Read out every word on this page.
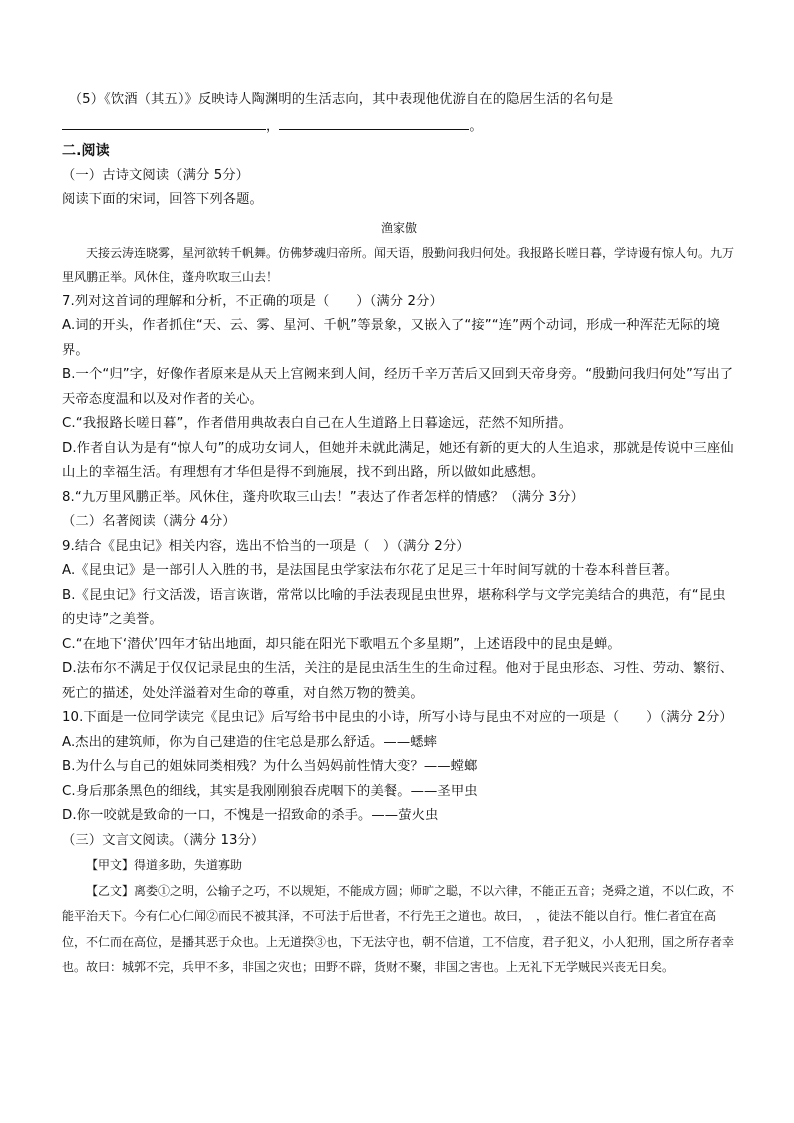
 （5）《饮酒（其五）》反映诗人陶渊明的生活志向，其中表现他优游自在的隐居生活的名句是
，	。
二.阅读
（一）古诗文阅读（满分 5分）
阅读下面的宋词，回答下列各题。
渔家傲
天接云涛连晓雾，星河欲转千帆舞。仿佛梦魂归帝所。闻天语，殷勤问我归何处。我报路长嗟日暮，学诗谩有惊人句。九万里风鹏正举。风休住，蓬舟吹取三山去！
7.列对这首词的理解和分析，不正确的项是（　　）（满分 2分）
A.词的开头，作者抓住“天、云、雾、星河、千帆”等景象，又嵌入了“接”“连”两个动词，形成一种浑茫无际的境界。
B.一个“归”字，好像作者原来是从天上宫阙来到人间，经历千辛万苦后又回到天帝身旁。“殷勤问我归何处”写出了天帝态度温和以及对作者的关心。
C.“我报路长嗟日暮”，作者借用典故表白自己在人生道路上日暮途远，茫然不知所措。
D.作者自认为是有“惊人句”的成功女词人，但她并未就此满足，她还有新的更大的人生追求，那就是传说中三座仙山上的幸福生活。有理想有才华但是得不到施展，找不到出路，所以做如此感想。
8.“九万里风鹏正举。风休住，蓬舟吹取三山去！”表达了作者怎样的情感？（满分 3分）
（二）名著阅读（满分 4分）
9.结合《昆虫记》相关内容，选出不恰当的一项是（　）（满分 2分）
A.《昆虫记》是一部引人入胜的书，是法国昆虫学家法布尔花了足足三十年时间写就的十卷本科普巨著。
B.《昆虫记》行文活泼，语言诙谐，常常以比喻的手法表现昆虫世界，堪称科学与文学完美结合的典范，有“昆虫的史诗”之美誉。
C.“在地下‘潜伏’四年才钻出地面，却只能在阳光下歌唱五个多星期”，上述语段中的昆虫是蝉。
D.法布尔不满足于仅仅记录昆虫的生活，关注的是昆虫活生生的生命过程。他对于昆虫形态、习性、劳动、繁衍、死亡的描述，处处洋溢着对生命的尊重，对自然万物的赞美。
10.下面是一位同学读完《昆虫记》后写给书中昆虫的小诗，所写小诗与昆虫不对应的一项是（　　）（满分 2分）
A.杰出的建筑师，你为自己建造的住宅总是那么舒适。——蟋蟀
B.为什么与自己的姐妹同类相残？为什么当妈妈前性情大变？——螳螂
C.身后那条黑色的细线，其实是我刚刚狼吞虎咽下的美餐。——圣甲虫
D.你一咬就是致命的一口，不愧是一招致命的杀手。——萤火虫
（三）文言文阅读。（满分 13分）
【甲文】得道多助，失道寡助
【乙文】离娄①之明，公输子之巧，不以规矩，不能成方圆；师旷之聪，不以六律，不能正五音；尧舜之道，不以仁政，不能平治天下。今有仁心仁闻②而民不被其泽，不可法于后世者，不行先王之道也。故曰，　，徒法不能以自行。惟仁者宜在高位，不仁而在高位，是播其恶于众也。上无道揆③也，下无法守也，朝不信道，工不信度，君子犯义，小人犯刑，国之所存者幸也。故曰：城郭不完，兵甲不多，非国之灾也；田野不辟，货财不聚，非国之害也。上无礼下无学贼民兴丧无日矣。
